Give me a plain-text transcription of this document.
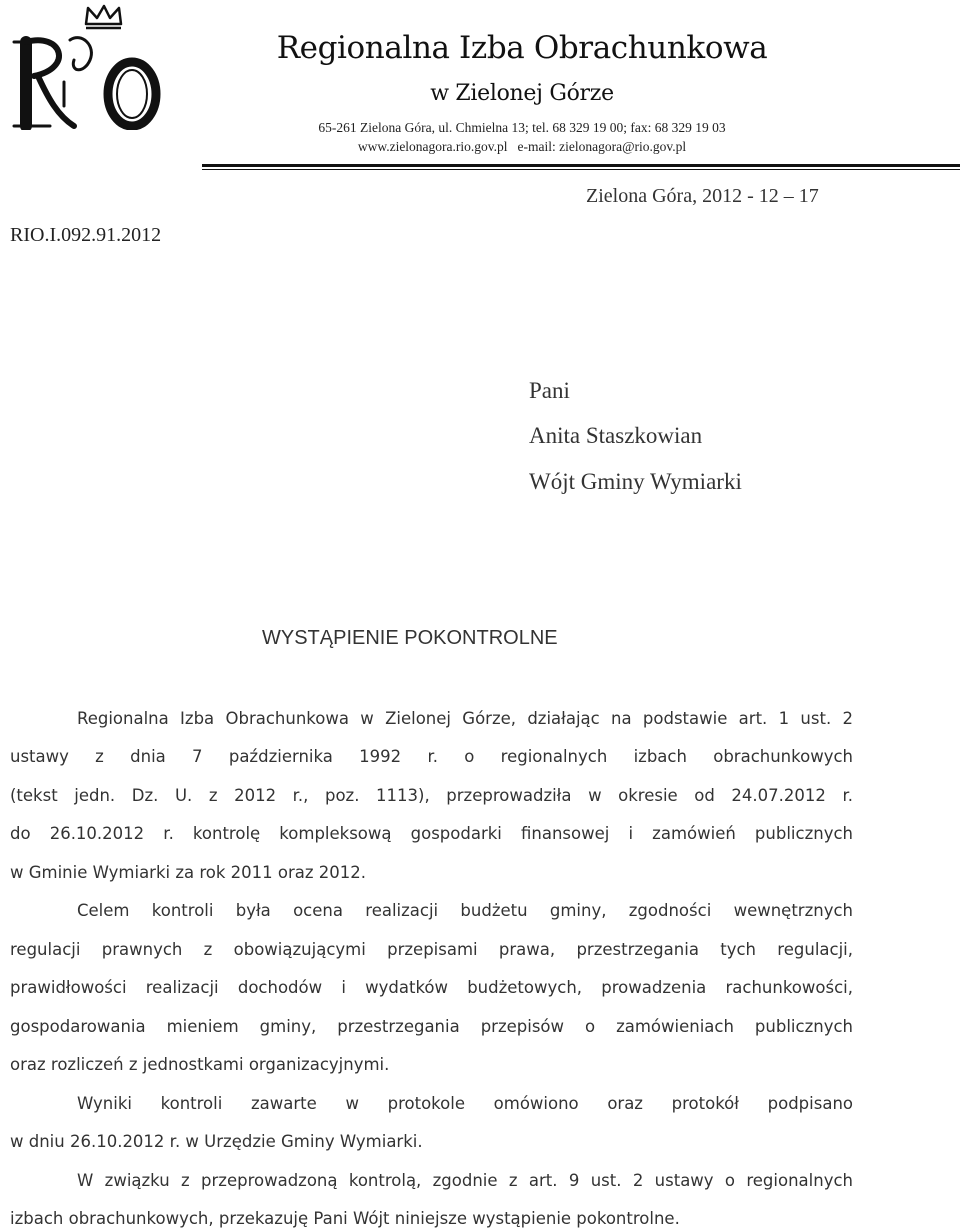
RIO
Regionalna Izba Obrachunkowa
w Zielonej Górze
65-261 Zielona Góra, ul. Chmielna 13; tel. 68 329 19 00; fax: 68 329 19 03
www.zielonagora.rio.gov.pl e-mail: zielonagora@rio.gov.pl
Zielona Góra, 2012 - 12 – 17
RIO.I.092.91.2012
Pani
Anita Staszkowian
Wójt Gminy Wymiarki
WYSTĄPIENIE POKONTROLNE
Regionalna Izba Obrachunkowa w Zielonej Górze, działając na podstawie art. 1 ust. 2
ustawy z dnia 7 października 1992 r. o regionalnych izbach obrachunkowych
(tekst jedn. Dz. U. z 2012 r., poz. 1113), przeprowadziła w okresie od 24.07.2012 r.
do 26.10.2012 r. kontrolę kompleksową gospodarki finansowej i zamówień publicznych
w Gminie Wymiarki za rok 2011 oraz 2012.
Celem kontroli była ocena realizacji budżetu gminy, zgodności wewnętrznych
regulacji prawnych z obowiązującymi przepisami prawa, przestrzegania tych regulacji,
prawidłowości realizacji dochodów i wydatków budżetowych, prowadzenia rachunkowości,
gospodarowania mieniem gminy, przestrzegania przepisów o zamówieniach publicznych
oraz rozliczeń z jednostkami organizacyjnymi.
Wyniki kontroli zawarte w protokole omówiono oraz protokół podpisano
w dniu 26.10.2012 r. w Urzędzie Gminy Wymiarki.
W związku z przeprowadzoną kontrolą, zgodnie z art. 9 ust. 2 ustawy o regionalnych
izbach obrachunkowych, przekazuję Pani Wójt niniejsze wystąpienie pokontrolne.
